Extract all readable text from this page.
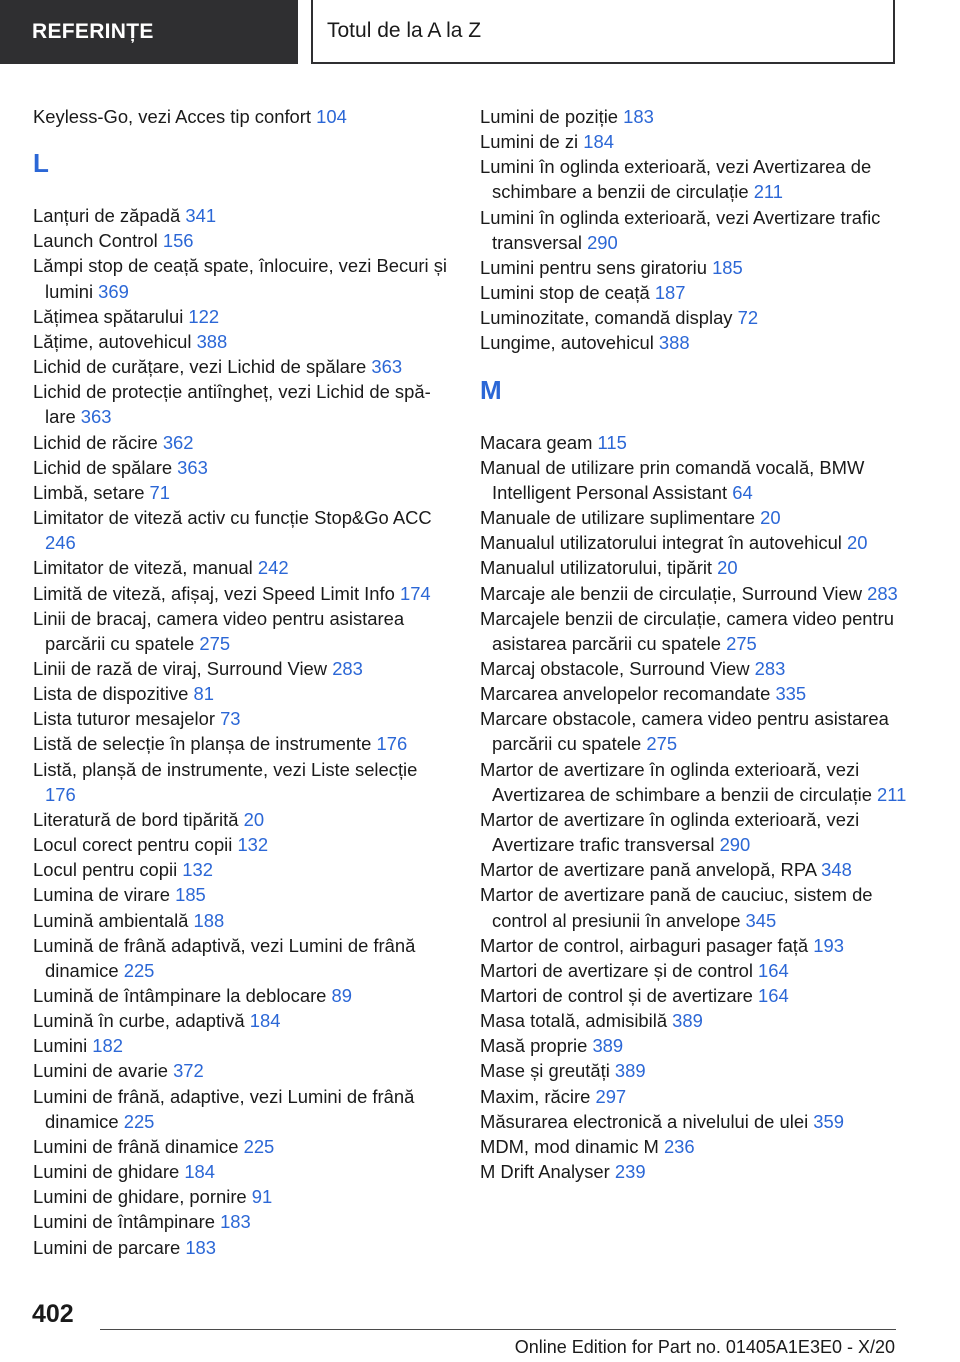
REFERINȚE	Totul de la A la Z
Keyless-Go, vezi Acces tip confort 104
L
Lanțuri de zăpadă 341
Launch Control 156
Lămpi stop de ceață spate, înlocuire, vezi Becuri și lumini 369
Lățimea spătarului 122
Lățime, autovehicul 388
Lichid de curățare, vezi Lichid de spălare 363
Lichid de protecție antiîngheț, vezi Lichid de spălare 363
Lichid de răcire 362
Lichid de spălare 363
Limbă, setare 71
Limitator de viteză activ cu funcție Stop&Go ACC 246
Limitator de viteză, manual 242
Limită de viteză, afișaj, vezi Speed Limit Info 174
Linii de bracaj, camera video pentru asistarea parcării cu spatele 275
Linii de rază de viraj, Surround View 283
Lista de dispozitive 81
Lista tuturor mesajelor 73
Listă de selecție în planșa de instrumente 176
Listă, planșă de instrumente, vezi Liste selecție 176
Literatură de bord tipărită 20
Locul corect pentru copii 132
Locul pentru copii 132
Lumina de virare 185
Lumină ambientală 188
Lumină de frână adaptivă, vezi Lumini de frână dinamice 225
Lumină de întâmpinare la deblocare 89
Lumină în curbe, adaptivă 184
Lumini 182
Lumini de avarie 372
Lumini de frână, adaptive, vezi Lumini de frână dinamice 225
Lumini de frână dinamice 225
Lumini de ghidare 184
Lumini de ghidare, pornire 91
Lumini de întâmpinare 183
Lumini de parcare 183
Lumini de poziție 183
Lumini de zi 184
Lumini în oglinda exterioară, vezi Avertizarea de schimbare a benzii de circulație 211
Lumini în oglinda exterioară, vezi Avertizare trafic transversal 290
Lumini pentru sens giratoriu 185
Lumini stop de ceață 187
Luminozitate, comandă display 72
Lungime, autovehicul 388
M
Macara geam 115
Manual de utilizare prin comandă vocală, BMW Intelligent Personal Assistant 64
Manuale de utilizare suplimentare 20
Manualul utilizatorului integrat în autovehicul 20
Manualul utilizatorului, tipărit 20
Marcaje ale benzii de circulație, Surround View 283
Marcajele benzii de circulație, camera video pentru asistarea parcării cu spatele 275
Marcaj obstacole, Surround View 283
Marcarea anvelopelor recomandate 335
Marcare obstacole, camera video pentru asistarea parcării cu spatele 275
Martor de avertizare în oglinda exterioară, vezi Avertizarea de schimbare a benzii de circulație 211
Martor de avertizare în oglinda exterioară, vezi Avertizare trafic transversal 290
Martor de avertizare pană anvelopă, RPA 348
Martor de avertizare pană de cauciuc, sistem de control al presiunii în anvelope 345
Martor de control, airbaguri pasager față 193
Martori de avertizare și de control 164
Martori de control și de avertizare 164
Masa totală, admisibilă 389
Masă proprie 389
Mase și greutăți 389
Maxim, răcire 297
Măsurarea electronică a nivelului de ulei 359
MDM, mod dinamic M 236
M Drift Analyser 239
402
Online Edition for Part no. 01405A1E3E0 - X/20
